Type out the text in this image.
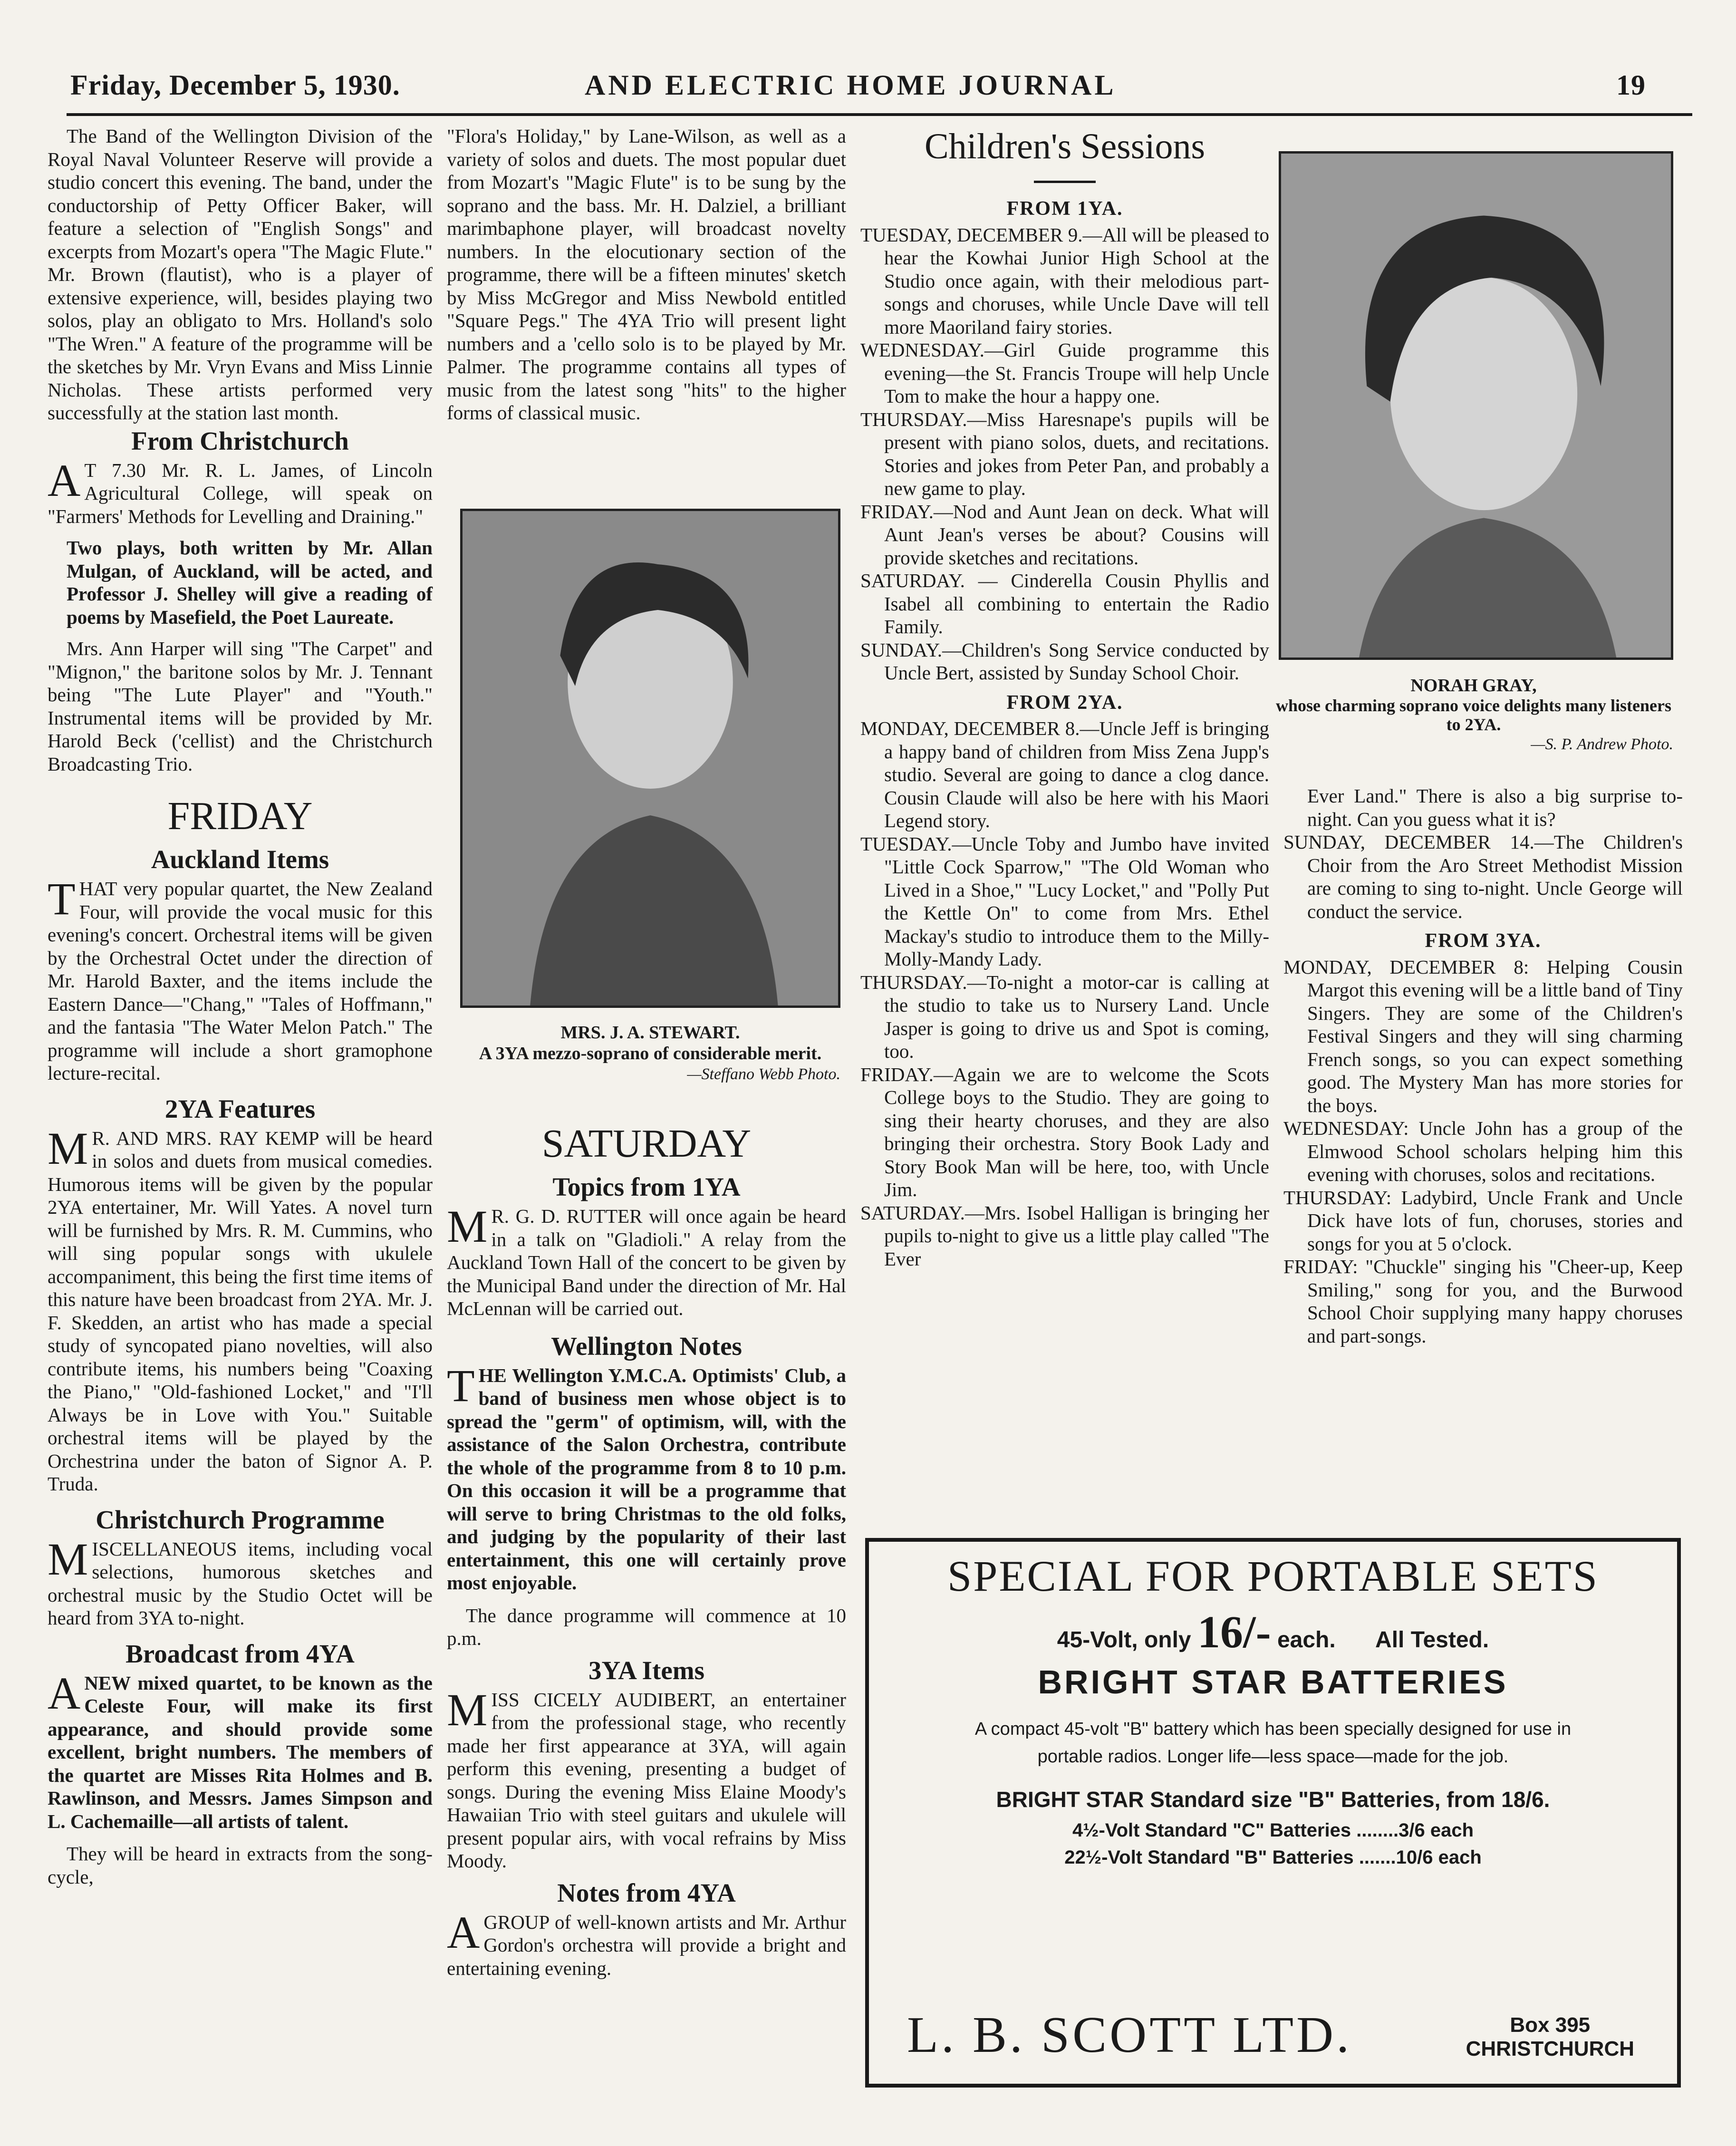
Friday, December 5, 1930.	AND ELECTRIC HOME JOURNAL	19

The Band of the Wellington Division of the Royal Naval Volunteer Reserve will provide a studio concert this evening. The band, under the conductorship of Petty Officer Baker, will feature a selection of "English Songs" and excerpts from Mozart's opera "The Magic Flute." Mr. Brown (flautist), who is a player of extensive experience, will, besides playing two solos, play an obligato to Mrs. Holland's solo "The Wren." A feature of the programme will be the sketches by Mr. Vryn Evans and Miss Linnie Nicholas. These artists performed very successfully at the station last month.

From Christchurch

A T 7.30 Mr. R. L. James, of Lincoln Agricultural College, will speak on "Farmers' Methods for Levelling and Draining."

Two plays, both written by Mr. Allan Mulgan, of Auckland, will be acted, and Professor J. Shelley will give a reading of poems by Masefield, the Poet Laureate.

Mrs. Ann Harper will sing "The Carpet" and "Mignon," the baritone solos by Mr. J. Tennant being "The Lute Player" and "Youth." Instrumental items will be provided by Mr. Harold Beck ('cellist) and the Christchurch Broadcasting Trio.

FRIDAY
Auckland Items

THAT very popular quartet, the New Zealand Four, will provide the vocal music for this evening's concert. Orchestral items will be given by the Orchestral Octet under the direction of Mr. Harold Baxter, and the items include the Eastern Dance—"Chang," "Tales of Hoffmann," and the fantasia "The Water Melon Patch." The programme will include a short gramophone lecture-recital.

2YA Features

M R. AND MRS. RAY KEMP will be heard in solos and duets from musical comedies. Humorous items will be given by the popular 2YA entertainer, Mr. Will Yates. A novel turn will be furnished by Mrs. R. M. Cummins, who will sing popular songs with ukulele accompaniment, this being the first time items of this nature have been broadcast from 2YA. Mr. J. F. Skedden, an artist who has made a special study of syncopated piano novelties, will also contribute items, his numbers being "Coaxing the Piano," "Old-fashioned Locket," and "I'll Always be in Love with You." Suitable orchestral items will be played by the Orchestrina under the baton of Signor A. P. Truda.

Christchurch Programme

MISCELLANEOUS items, including vocal selections, humorous sketches and orchestral music by the Studio Octet will be heard from 3YA to-night.

Broadcast from 4YA

ANEW mixed quartet, to be known as the Celeste Four, will make its first appearance, and should provide some excellent, bright numbers. The members of the quartet are Misses Rita Holmes and B. Rawlinson, and Messrs. James Simpson and L. Cachemaille—all artists of talent.

They will be heard in extracts from the song-cycle,

"Flora's Holiday," by Lane-Wilson, as well as a variety of solos and duets. The most popular duet from Mozart's "Magic Flute" is to be sung by the soprano and the bass. Mr. H. Dalziel, a brilliant marimbaphone player, will broadcast novelty numbers. In the elocutionary section of the programme, there will be a fifteen minutes' sketch by Miss McGregor and Miss Newbold entitled "Square Pegs." The 4YA Trio will present light numbers and a 'cello solo is to be played by Mr. Palmer. The programme contains all types of music from the latest song "hits" to the higher forms of classical music.

MRS. J. A. STEWART.
A 3YA mezzo-soprano of considerable merit.
—Steffano Webb Photo.
SATURDAY
Topics from 1YA

M R. G. D. RUTTER will once again be heard in a talk on "Gladioli." A relay from the Auckland Town Hall of the concert to be given by the Municipal Band under the direction of Mr. Hal McLennan will be carried out.

Wellington Notes

THE Wellington Y.M.C.A. Optimists' Club, a band of business men whose object is to spread the "germ" of optimism, will, with the assistance of the Salon Orchestra, contribute the whole of the programme from 8 to 10 p.m. On this occasion it will be a programme that will serve to bring Christmas to the old folks, and judging by the popularity of their last entertainment, this one will certainly prove most enjoyable.

The dance programme will commence at 10 p.m.

3YA Items

MISS CICELY AUDIBERT, an entertainer from the professional stage, who recently made her first appearance at 3YA, will again perform this evening, presenting a budget of songs. During the evening Miss Elaine Moody's Hawaiian Trio with steel guitars and ukulele will present popular airs, with vocal refrains by Miss Moody.

Notes from 4YA

AGROUP of well-known artists and Mr. Arthur Gordon's orchestra will provide a bright and entertaining evening.

Children's Sessions
FROM 1YA.

TUESDAY, DECEMBER 9.—All will be pleased to hear the Kowhai Junior High School at the Studio once again, with their melodious part-songs and choruses, while Uncle Dave will tell more Maoriland fairy stories.

WEDNESDAY.—Girl Guide programme this evening—the St. Francis Troupe will help Uncle Tom to make the hour a happy one.

THURSDAY.—Miss Haresnape's pupils will be present with piano solos, duets, and recitations. Stories and jokes from Peter Pan, and probably a new game to play.

FRIDAY.—Nod and Aunt Jean on deck. What will Aunt Jean's verses be about? Cousins will provide sketches and recitations.

SATURDAY. — Cinderella Cousin Phyllis and Isabel all combining to entertain the Radio Family.

SUNDAY.—Children's Song Service conducted by Uncle Bert, assisted by Sunday School Choir.

FROM 2YA.

MONDAY, DECEMBER 8.—Uncle Jeff is bringing a happy band of children from Miss Zena Jupp's studio. Several are going to dance a clog dance. Cousin Claude will also be here with his Maori Legend story.

TUESDAY.—Uncle Toby and Jumbo have invited "Little Cock Sparrow," "The Old Woman who Lived in a Shoe," "Lucy Locket," and "Polly Put the Kettle On" to come from Mrs. Ethel Mackay's studio to introduce them to the Milly-Molly-Mandy Lady.

THURSDAY.—To-night a motor-car is calling at the studio to take us to Nursery Land. Uncle Jasper is going to drive us and Spot is coming, too.

FRIDAY.—Again we are to welcome the Scots College boys to the Studio. They are going to sing their hearty choruses, and they are also bringing their orchestra. Story Book Lady and Story Book Man will be here, too, with Uncle Jim.

SATURDAY.—Mrs. Isobel Halligan is bringing her pupils to-night to give us a little play called "The Ever

NORAH GRAY,
whose charming soprano voice delights many listeners to 2YA.
—S. P. Andrew Photo.

Ever Land." There is also a big surprise to-night. Can you guess what it is?

SUNDAY, DECEMBER 14.—The Children's Choir from the Aro Street Methodist Mission are coming to sing to-night. Uncle George will conduct the service.

FROM 3YA.

MONDAY, DECEMBER 8: Helping Cousin Margot this evening will be a little band of Tiny Singers. They are some of the Children's Festival Singers and they will sing charming French songs, so you can expect something good. The Mystery Man has more stories for the boys.

WEDNESDAY: Uncle John has a group of the Elmwood School scholars helping him this evening with choruses, solos and recitations.

THURSDAY: Ladybird, Uncle Frank and Uncle Dick have lots of fun, choruses, stories and songs for you at 5 o'clock.

FRIDAY: "Chuckle" singing his "Cheer-up, Keep Smiling," song for you, and the Burwood School Choir supplying many happy choruses and part-songs.

SPECIAL FOR PORTABLE SETS
45-Volt, only 16/- each. All Tested.
BRIGHT STAR BATTERIES
A compact 45-volt "B" battery which has been specially designed for use in portable radios. Longer life—less space—made for the job.
BRIGHT STAR Standard size "B" Batteries, from 18/6.
4½-Volt Standard "C" Batteries ........3/6 each
22½-Volt Standard "B" Batteries .......10/6 each
L. B. SCOTT LTD.	Box 395
CHRISTCHURCH
